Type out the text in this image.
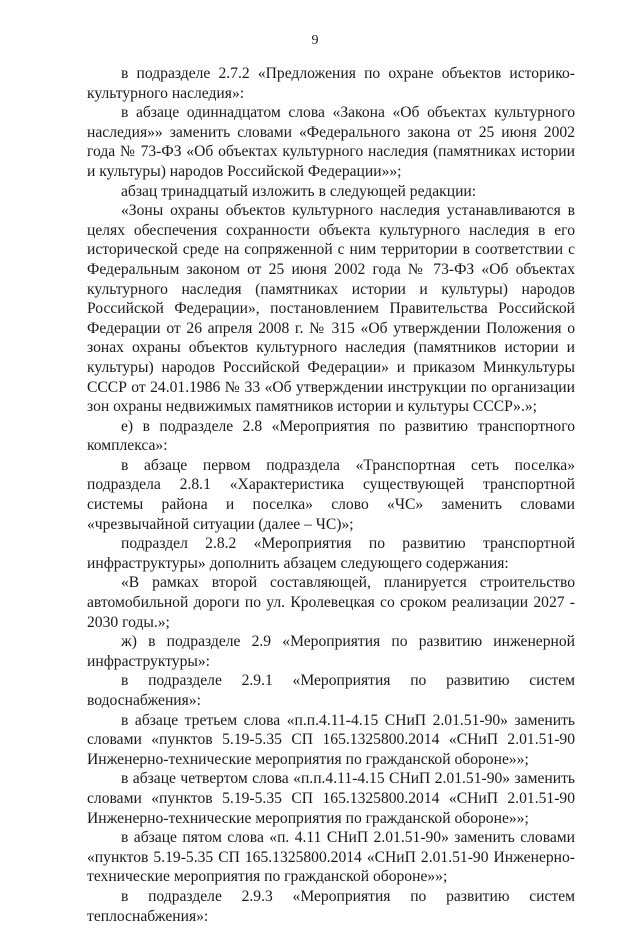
9

в подразделе 2.7.2 «Предложения по охране объектов историко-культурного наследия»:

в абзаце одиннадцатом слова «Закона «Об объектах культурного наследия»» заменить словами «Федерального закона от 25 июня 2002 года № 73-ФЗ «Об объектах культурного наследия (памятниках истории и культуры) народов Российской Федерации»»;

абзац тринадцатый изложить в следующей редакции:

«Зоны охраны объектов культурного наследия устанавливаются в целях обеспечения сохранности объекта культурного наследия в его исторической среде на сопряженной с ним территории в соответствии с Федеральным законом от 25 июня 2002 года № 73-ФЗ «Об объектах культурного наследия (памятниках истории и культуры) народов Российской Федерации», постановлением Правительства Российской Федерации от 26 апреля 2008 г. № 315 «Об утверждении Положения о зонах охраны объектов культурного наследия (памятников истории и культуры) народов Российской Федерации» и приказом Минкультуры СССР от 24.01.1986 № 33 «Об утверждении инструкции по организации зон охраны недвижимых памятников истории и культуры СССР».»;

е) в подразделе 2.8 «Мероприятия по развитию транспортного комплекса»:

в абзаце первом подраздела «Транспортная сеть поселка» подраздела 2.8.1 «Характеристика существующей транспортной системы района и поселка» слово «ЧС» заменить словами «чрезвычайной ситуации (далее – ЧС)»;

подраздел 2.8.2 «Мероприятия по развитию транспортной инфраструктуры» дополнить абзацем следующего содержания:

«В рамках второй составляющей, планируется строительство автомобильной дороги по ул. Кролевецкая со сроком реализации 2027 - 2030 годы.»;

ж) в подразделе 2.9 «Мероприятия по развитию инженерной инфраструктуры»:

в подразделе 2.9.1 «Мероприятия по развитию систем водоснабжения»:

в абзаце третьем слова «п.п.4.11-4.15 СНиП 2.01.51-90» заменить словами «пунктов 5.19-5.35 СП 165.1325800.2014 «СНиП 2.01.51-90 Инженерно-технические мероприятия по гражданской обороне»»;

в абзаце четвертом слова «п.п.4.11-4.15 СНиП 2.01.51-90» заменить словами «пунктов 5.19-5.35 СП 165.1325800.2014 «СНиП 2.01.51-90 Инженерно-технические мероприятия по гражданской обороне»»;

в абзаце пятом слова «п. 4.11 СНиП 2.01.51-90» заменить словами «пунктов 5.19-5.35 СП 165.1325800.2014 «СНиП 2.01.51-90 Инженерно-технические мероприятия по гражданской обороне»»;

в подразделе 2.9.3 «Мероприятия по развитию систем теплоснабжения»:
